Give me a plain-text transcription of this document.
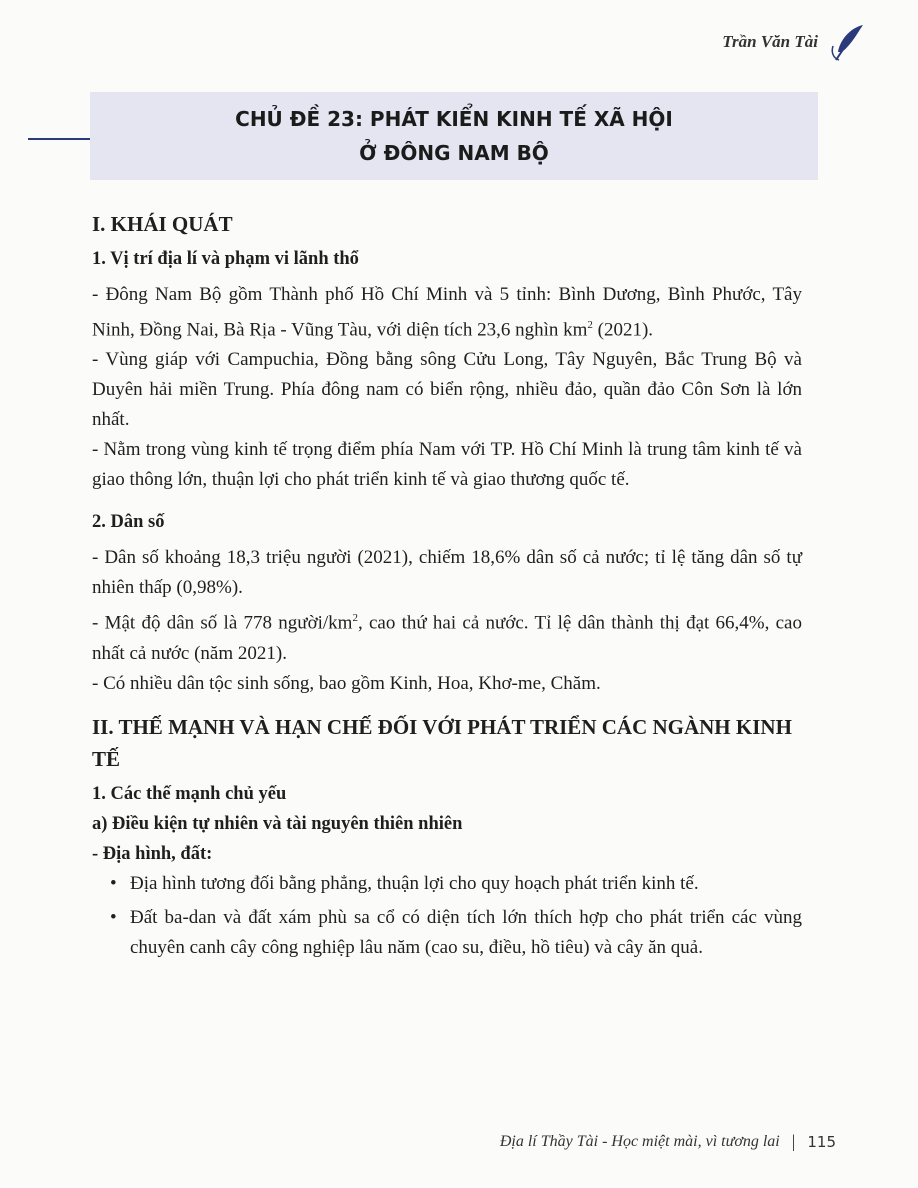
Trần Văn Tài
CHỦ ĐỀ 23: PHÁT KIỂN KINH TẾ XÃ HỘI
Ở ĐÔNG NAM BỘ
I. KHÁI QUÁT
1. Vị trí địa lí và phạm vi lãnh thổ

- Đông Nam Bộ gồm Thành phố Hồ Chí Minh và 5 tỉnh: Bình Dương, Bình Phước, Tây Ninh, Đồng Nai, Bà Rịa - Vũng Tàu, với diện tích 23,6 nghìn $km^2$ (2021).

- Vùng giáp với Campuchia, Đồng bằng sông Cửu Long, Tây Nguyên, Bắc Trung Bộ và Duyên hải miền Trung. Phía đông nam có biển rộng, nhiều đảo, quần đảo Côn Sơn là lớn nhất.

- Nằm trong vùng kinh tế trọng điểm phía Nam với TP. Hồ Chí Minh là trung tâm kinh tế và giao thông lớn, thuận lợi cho phát triển kinh tế và giao thương quốc tế.

2. Dân số

- Dân số khoảng 18,3 triệu người (2021), chiếm 18,6% dân số cả nước; tỉ lệ tăng dân số tự nhiên thấp (0,98%).

- Mật độ dân số là 778 người/$km^2$, cao thứ hai cả nước. Tỉ lệ dân thành thị đạt 66,4%, cao nhất cả nước (năm 2021).

- Có nhiều dân tộc sinh sống, bao gồm Kinh, Hoa, Khơ-me, Chăm.

II. THẾ MẠNH VÀ HẠN CHẾ ĐỐI VỚI PHÁT TRIỂN CÁC NGÀNH KINH TẾ
1. Các thế mạnh chủ yếu
a) Điều kiện tự nhiên và tài nguyên thiên nhiên
- Địa hình, đất:
• Địa hình tương đối bằng phẳng, thuận lợi cho quy hoạch phát triển kinh tế.
• Đất ba-dan và đất xám phù sa cổ có diện tích lớn thích hợp cho phát triển các vùng chuyên canh cây công nghiệp lâu năm (cao su, điều, hồ tiêu) và cây ăn quả.
Địa lí Thầy Tài - Học miệt mài, vì tương lai | 115
